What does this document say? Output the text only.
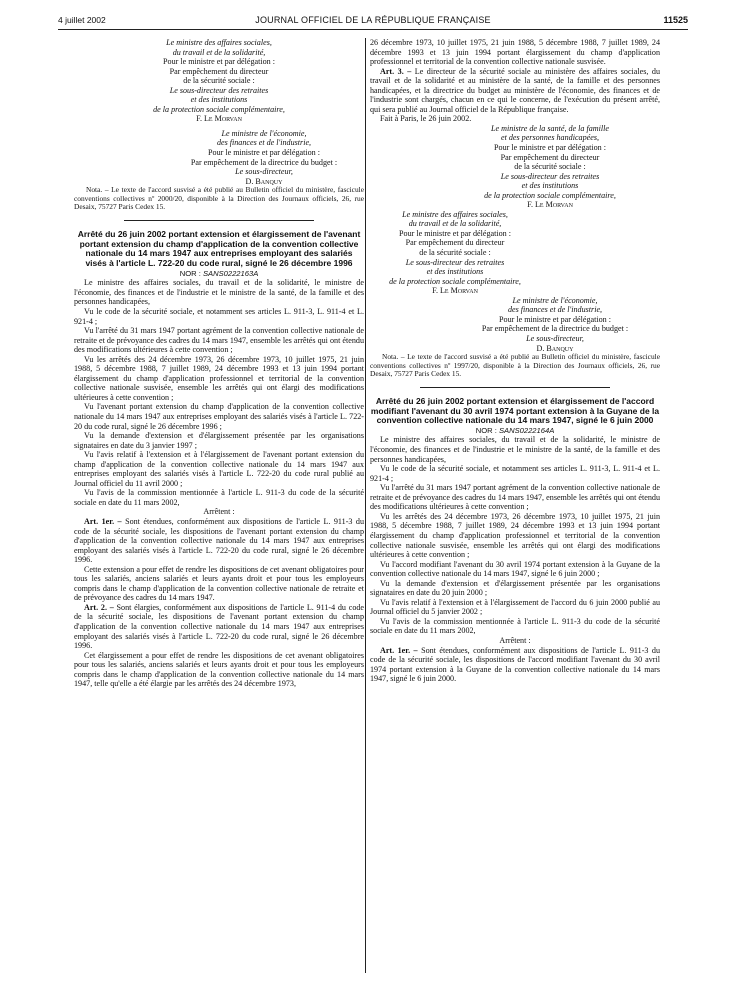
4 juillet 2002	JOURNAL OFFICIEL DE LA RÉPUBLIQUE FRANÇAISE	11525

Le ministre des affaires sociales,

du travail et de la solidarité,

Pour le ministre et par délégation :

Par empêchement du directeur

de la sécurité sociale :

Le sous-directeur des retraites

et des institutions

de la protection sociale complémentaire,

F. Le Morvan

Le ministre de l'économie,

des finances et de l'industrie,

Pour le ministre et par délégation :

Par empêchement de la directrice du budget :

Le sous-directeur,

D. Banquy

Nota. – Le texte de l'accord susvisé a été publié au Bulletin officiel du ministère, fascicule conventions collectives nº 2000/20, disponible à la Direction des Journaux officiels, 26, rue Desaix, 75727 Paris Cedex 15.

Arrêté du 26 juin 2002 portant extension et élargissement de l'avenant portant extension du champ d'application de la convention collective nationale du 14 mars 1947 aux entreprises employant des salariés visés à l'article L. 722-20 du code rural, signé le 26 décembre 1996

NOR : SANS0222163A

Le ministre des affaires sociales, du travail et de la solidarité, le ministre de l'économie, des finances et de l'industrie et le ministre de la santé, de la famille et des personnes handicapées,

Vu le code de la sécurité sociale, et notamment ses articles L. 911-3, L. 911-4 et L. 921-4 ;

Vu l'arrêté du 31 mars 1947 portant agrément de la convention collective nationale de retraite et de prévoyance des cadres du 14 mars 1947, ensemble les arrêtés qui ont étendu des modifications ultérieures à cette convention ;

Vu les arrêtés des 24 décembre 1973, 26 décembre 1973, 10 juillet 1975, 21 juin 1988, 5 décembre 1988, 7 juillet 1989, 24 décembre 1993 et 13 juin 1994 portant élargissement du champ d'application professionnel et territorial de la convention collective nationale susvisée, ensemble les arrêtés qui ont élargi des modifications ultérieures à cette convention ;

Vu l'avenant portant extension du champ d'application de la convention collective nationale du 14 mars 1947 aux entreprises employant des salariés visés à l'article L. 722-20 du code rural, signé le 26 décembre 1996 ;

Vu la demande d'extension et d'élargissement présentée par les organisations signataires en date du 3 janvier 1997 ;

Vu l'avis relatif à l'extension et à l'élargissement de l'avenant portant extension du champ d'application de la convention collective nationale du 14 mars 1947 aux entreprises employant des salariés visés à l'article L. 722-20 du code rural publié au Journal officiel du 11 avril 2000 ;

Vu l'avis de la commission mentionnée à l'article L. 911-3 du code de la sécurité sociale en date du 11 mars 2002,

Arrêtent :

Art. 1er. – Sont étendues, conformément aux dispositions de l'article L. 911-3 du code de la sécurité sociale, les dispositions de l'avenant portant extension du champ d'application de la convention collective nationale du 14 mars 1947 aux entreprises employant des salariés visés à l'article L. 722-20 du code rural, signé le 26 décembre 1996.

Cette extension a pour effet de rendre les dispositions de cet avenant obligatoires pour tous les salariés, anciens salariés et leurs ayants droit et pour tous les employeurs compris dans le champ d'application de la convention collective nationale de retraite et de prévoyance des cadres du 14 mars 1947.

Art. 2. – Sont élargies, conformément aux dispositions de l'article L. 911-4 du code de la sécurité sociale, les dispositions de l'avenant portant extension du champ d'application de la convention collective nationale du 14 mars 1947 aux entreprises employant des salariés visés à l'article L. 722-20 du code rural, signé le 26 décembre 1996.

Cet élargissement a pour effet de rendre les dispositions de cet avenant obligatoires pour tous les salariés, anciens salariés et leurs ayants droit et pour tous les employeurs compris dans le champ d'application de la convention collective nationale du 14 mars 1947, telle qu'elle a été élargie par les arrêtés des 24 décembre 1973,

26 décembre 1973, 10 juillet 1975, 21 juin 1988, 5 décembre 1988, 7 juillet 1989, 24 décembre 1993 et 13 juin 1994 portant élargissement du champ d'application professionnel et territorial de la convention collective nationale susvisée.

Art. 3. – Le directeur de la sécurité sociale au ministère des affaires sociales, du travail et de la solidarité et au ministère de la santé, de la famille et des personnes handicapées, et la directrice du budget au ministère de l'économie, des finances et de l'industrie sont chargés, chacun en ce qui le concerne, de l'exécution du présent arrêté, qui sera publié au Journal officiel de la République française.

Fait à Paris, le 26 juin 2002.

Le ministre de la santé, de la famille

et des personnes handicapées,

Pour le ministre et par délégation :

Par empêchement du directeur

de la sécurité sociale :

Le sous-directeur des retraites

et des institutions

de la protection sociale complémentaire,

F. Le Morvan

Le ministre des affaires sociales,

du travail et de la solidarité,

Pour le ministre et par délégation :

Par empêchement du directeur

de la sécurité sociale :

Le sous-directeur des retraites

et des institutions

de la protection sociale complémentaire,

F. Le Morvan

Le ministre de l'économie,

des finances et de l'industrie,

Pour le ministre et par délégation :

Par empêchement de la directrice du budget :

Le sous-directeur,

D. Banquy

Nota. – Le texte de l'accord susvisé a été publié au Bulletin officiel du ministère, fascicule conventions collectives nº 1997/20, disponible à la Direction des Journaux officiels, 26, rue Desaix, 75727 Paris Cedex 15.

Arrêté du 26 juin 2002 portant extension et élargissement de l'accord modifiant l'avenant du 30 avril 1974 portant extension à la Guyane de la convention collective nationale du 14 mars 1947, signé le 6 juin 2000

NOR : SANS0222164A

Le ministre des affaires sociales, du travail et de la solidarité, le ministre de l'économie, des finances et de l'industrie et le ministre de la santé, de la famille et des personnes handicapées,

Vu le code de la sécurité sociale, et notamment ses articles L. 911-3, L. 911-4 et L. 921-4 ;

Vu l'arrêté du 31 mars 1947 portant agrément de la convention collective nationale de retraite et de prévoyance des cadres du 14 mars 1947, ensemble les arrêtés qui ont étendu des modifications ultérieures à cette convention ;

Vu les arrêtés des 24 décembre 1973, 26 décembre 1973, 10 juillet 1975, 21 juin 1988, 5 décembre 1988, 7 juillet 1989, 24 décembre 1993 et 13 juin 1994 portant élargissement du champ d'application professionnel et territorial de la convention collective nationale susvisée, ensemble les arrêtés qui ont élargi des modifications ultérieures à cette convention ;

Vu l'accord modifiant l'avenant du 30 avril 1974 portant extension à la Guyane de la convention collective nationale du 14 mars 1947, signé le 6 juin 2000 ;

Vu la demande d'extension et d'élargissement présentée par les organisations signataires en date du 20 juin 2000 ;

Vu l'avis relatif à l'extension et à l'élargissement de l'accord du 6 juin 2000 publié au Journal officiel du 5 janvier 2002 ;

Vu l'avis de la commission mentionnée à l'article L. 911-3 du code de la sécurité sociale en date du 11 mars 2002,

Arrêtent :

Art. 1er. – Sont étendues, conformément aux dispositions de l'article L. 911-3 du code de la sécurité sociale, les dispositions de l'accord modifiant l'avenant du 30 avril 1974 portant extension à la Guyane de la convention collective nationale du 14 mars 1947, signé le 6 juin 2000.
